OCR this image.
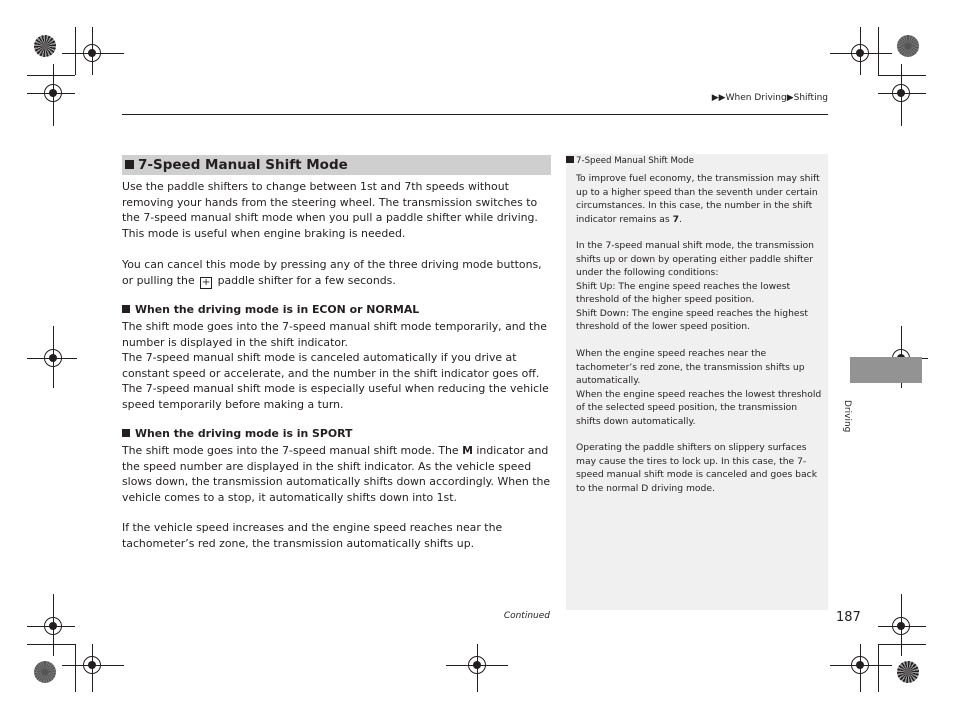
▶▶When Driving▶Shifting
7-Speed Manual Shift Mode

Use the paddle shifters to change between 1st and 7th speeds without removing your hands from the steering wheel. The transmission switches to the 7-speed manual shift mode when you pull a paddle shifter while driving. This mode is useful when engine braking is needed.

You can cancel this mode by pressing any of the three driving mode buttons, or pulling the + paddle shifter for a few seconds.

When the driving mode is in ECON or NORMAL

The shift mode goes into the 7-speed manual shift mode temporarily, and the number is displayed in the shift indicator.

The 7-speed manual shift mode is canceled automatically if you drive at constant speed or accelerate, and the number in the shift indicator goes off.

The 7-speed manual shift mode is especially useful when reducing the vehicle speed temporarily before making a turn.

When the driving mode is in SPORT

The shift mode goes into the 7-speed manual shift mode. The M indicator and the speed number are displayed in the shift indicator. As the vehicle speed slows down, the transmission automatically shifts down accordingly. When the vehicle comes to a stop, it automatically shifts down into 1st.

If the vehicle speed increases and the engine speed reaches near the tachometer’s red zone, the transmission automatically shifts up.

7-Speed Manual Shift Mode

To improve fuel economy, the transmission may shift up to a higher speed than the seventh under certain circumstances. In this case, the number in the shift indicator remains as 7.

In the 7-speed manual shift mode, the transmission shifts up or down by operating either paddle shifter under the following conditions:

Shift Up: The engine speed reaches the lowest threshold of the higher speed position.

Shift Down: The engine speed reaches the highest threshold of the lower speed position.

When the engine speed reaches near the tachometer’s red zone, the transmission shifts up automatically.

When the engine speed reaches the lowest threshold of the selected speed position, the transmission shifts down automatically.

Operating the paddle shifters on slippery surfaces may cause the tires to lock up. In this case, the 7-speed manual shift mode is canceled and goes back to the normal D driving mode.

Driving
Continued	187
